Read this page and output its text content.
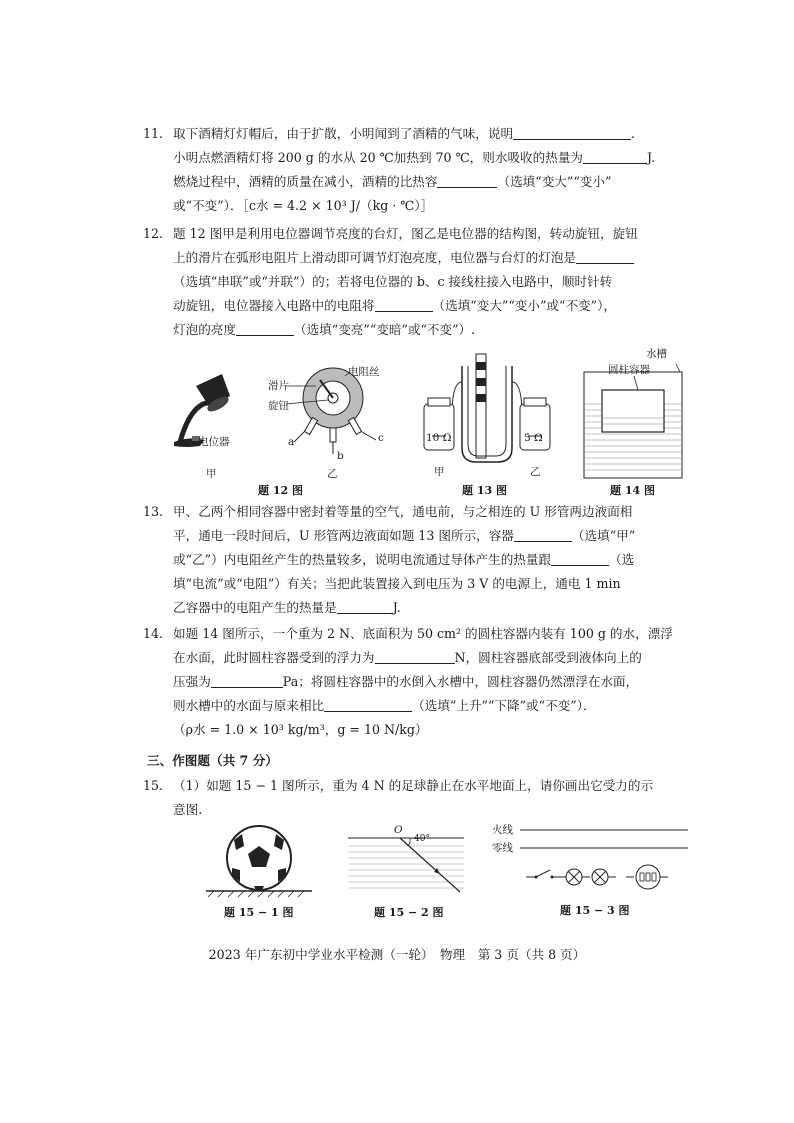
11. 取下酒精灯灯帽后，由于扩散，小明闻到了酒精的气味，说明	.
小明点燃酒精灯将 200 g 的水从 20 ℃加热到 70 ℃，则水吸收的热量为	J.
燃烧过程中，酒精的质量在减小，酒精的比热容	（选填“变大”“变小”
或“不变”）．［c水 = 4.2 × 10³ J/（kg · ℃）］
12. 题 12 图甲是利用电位器调节亮度的台灯，图乙是电位器的结构图，转动旋钮，旋钮
上的滑片在弧形电阻片上滑动即可调节灯泡亮度，电位器与台灯的灯泡是
（选填“串联”或“并联”）的；若将电位器的 b、c 接线柱接入电路中，顺时针转
动旋钮，电位器接入电路中的电阻将	（选填“变大”“变小”或“不变”），
灯泡的亮度	（选填“变亮”“变暗”或“不变”）.
电位器
滑片
旋钮
电阻丝
a
b
c
甲	乙
题 12 图
10 Ω	5 Ω
甲	乙
题 13 图
水槽
圆柱容器
题 14 图
13. 甲、乙两个相同容器中密封着等量的空气，通电前，与之相连的 U 形管两边液面相
平，通电一段时间后，U 形管两边液面如题 13 图所示，容器	（选填“甲”
或“乙”）内电阻丝产生的热量较多，说明电流通过导体产生的热量跟	（选
填“电流”或“电阻”）有关；当把此装置接入到电压为 3 V 的电源上，通电 1 min
乙容器中的电阻产生的热量是	J.
14. 如题 14 图所示，一个重为 2 N、底面积为 50 cm² 的圆柱容器内装有 100 g 的水，漂浮
在水面，此时圆柱容器受到的浮力为	N，圆柱容器底部受到液体向上的
压强为	Pa；将圆柱容器中的水倒入水槽中，圆柱容器仍然漂浮在水面，
则水槽中的水面与原来相比	（选填“上升”“下降”或“不变”）．
（ρ水 = 1.0 × 10³ kg/m³，g = 10 N/kg）
三、作图题（共 7 分）
15. （1）如题 15 − 1 图所示，重为 4 N 的足球静止在水平地面上，请你画出它受力的示
意图.
题 15 − 1 图
O
40°
题 15 − 2 图
火线
零线
题 15 − 3 图
2023 年广东初中学业水平检测（一轮）　物理　第 3 页（共 8 页）
